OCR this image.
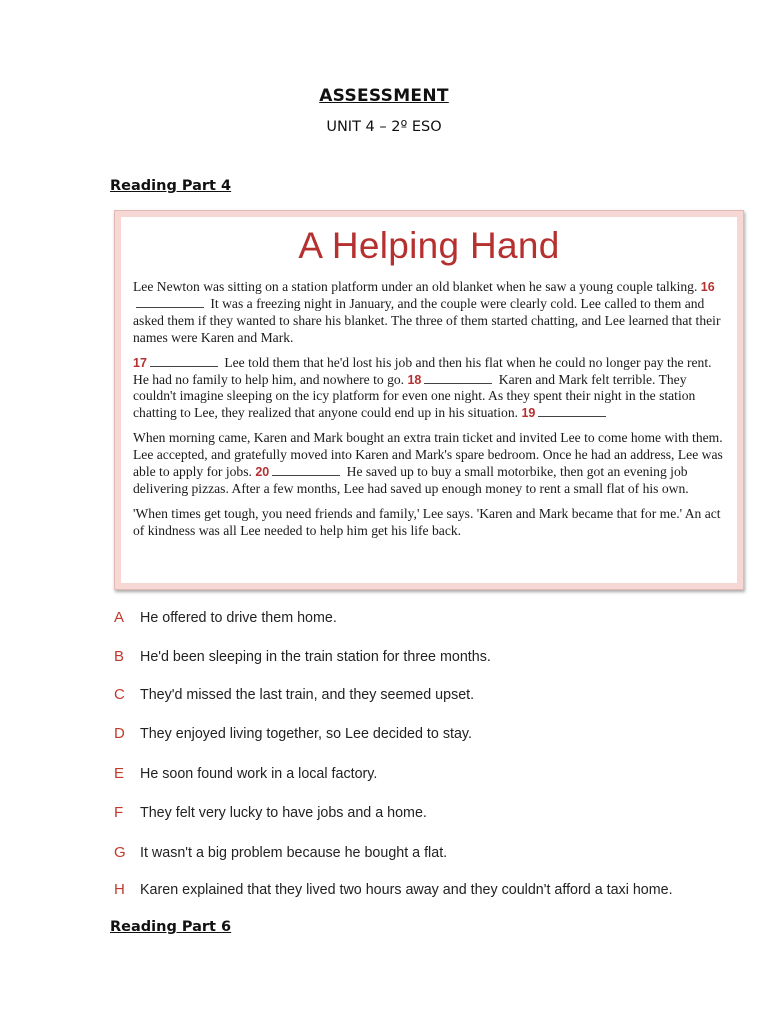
ASSESSMENT
UNIT 4 – 2º ESO
Reading Part 4
A Helping Hand

Lee Newton was sitting on a station platform under an old blanket when he saw a young couple talking. 16 It was a freezing night in January, and the couple were clearly cold. Lee called to them and asked them if they wanted to share his blanket. The three of them started chatting, and Lee learned that their names were Karen and Mark.

17	Lee told them that he'd lost his job and then his flat when he could no longer pay the rent. He had no family to help him, and nowhere to go. 18	Karen and Mark felt terrible. They couldn't imagine sleeping on the icy platform for even one night. As they spent their night in the station chatting to Lee, they realized that anyone could end up in his situation. 19

When morning came, Karen and Mark bought an extra train ticket and invited Lee to come home with them. Lee accepted, and gratefully moved into Karen and Mark's spare bedroom. Once he had an address, Lee was able to apply for jobs. 20	He saved up to buy a small motorbike, then got an evening job delivering pizzas. After a few months, Lee had saved up enough money to rent a small flat of his own.

'When times get tough, you need friends and family,' Lee says. 'Karen and Mark became that for me.' An act of kindness was all Lee needed to help him get his life back.

A	He offered to drive them home.
B	He'd been sleeping in the train station for three months.
C	They'd missed the last train, and they seemed upset.
D	They enjoyed living together, so Lee decided to stay.
E	He soon found work in a local factory.
F	They felt very lucky to have jobs and a home.
G	It wasn't a big problem because he bought a flat.
H	Karen explained that they lived two hours away and they couldn't afford a taxi home.
Reading Part 6
